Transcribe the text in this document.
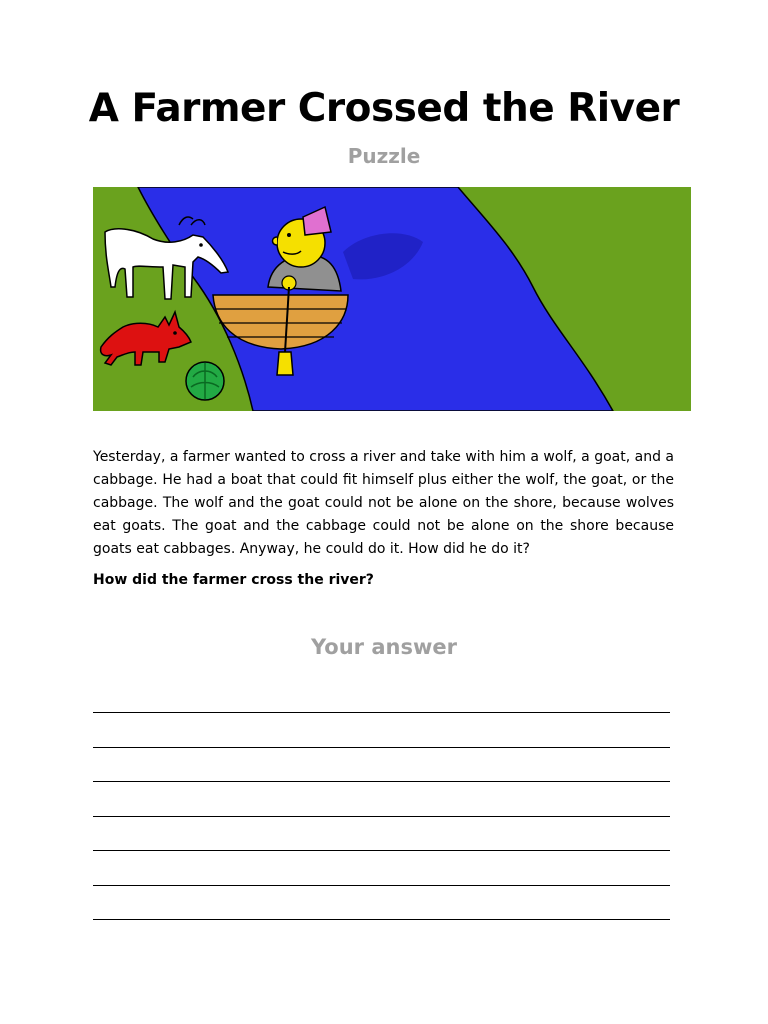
A Farmer Crossed the River
Puzzle

Yesterday, a farmer wanted to cross a river and take with him a wolf, a goat, and a cabbage. He had a boat that could fit himself plus either the wolf, the goat, or the cabbage. The wolf and the goat could not be alone on the shore, because wolves eat goats. The goat and the cabbage could not be alone on the shore because goats eat cabbages. Anyway, he could do it. How did he do it?

How did the farmer cross the river?
Your answer
